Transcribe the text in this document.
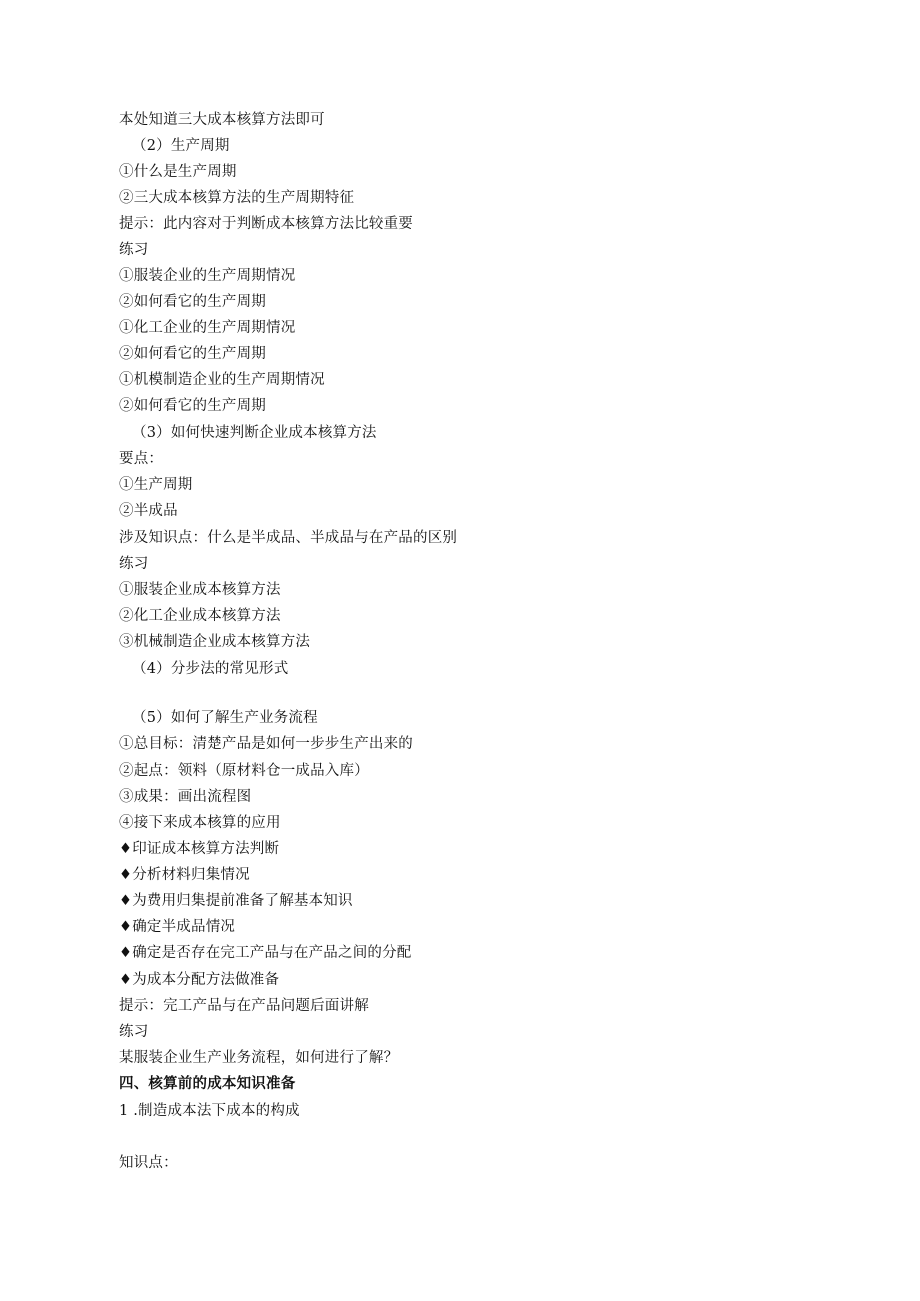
本处知道三大成本核算方法即可
（2）生产周期
①什么是生产周期
②三大成本核算方法的生产周期特征
提示：此内容对于判断成本核算方法比较重要
练习
①服装企业的生产周期情况
②如何看它的生产周期
①化工企业的生产周期情况
②如何看它的生产周期
①机模制造企业的生产周期情况
②如何看它的生产周期
（3）如何快速判断企业成本核算方法
要点：
①生产周期
②半成品
涉及知识点：什么是半成品、半成品与在产品的区别
练习
①服装企业成本核算方法
②化工企业成本核算方法
③机械制造企业成本核算方法
（4）分步法的常见形式
（5）如何了解生产业务流程
①总目标：清楚产品是如何一步步生产出来的
②起点：领料（原材料仓一成品入库）
③成果：画出流程图
④接下来成本核算的应用
♦印证成本核算方法判断
♦分析材料归集情况
♦为费用归集提前准备了解基本知识
♦确定半成品情况
♦确定是否存在完工产品与在产品之间的分配
♦为成本分配方法做准备
提示：完工产品与在产品问题后面讲解
练习
某服装企业生产业务流程，如何进行了解？
四、核算前的成本知识准备
1 .制造成本法下成本的构成
知识点：
